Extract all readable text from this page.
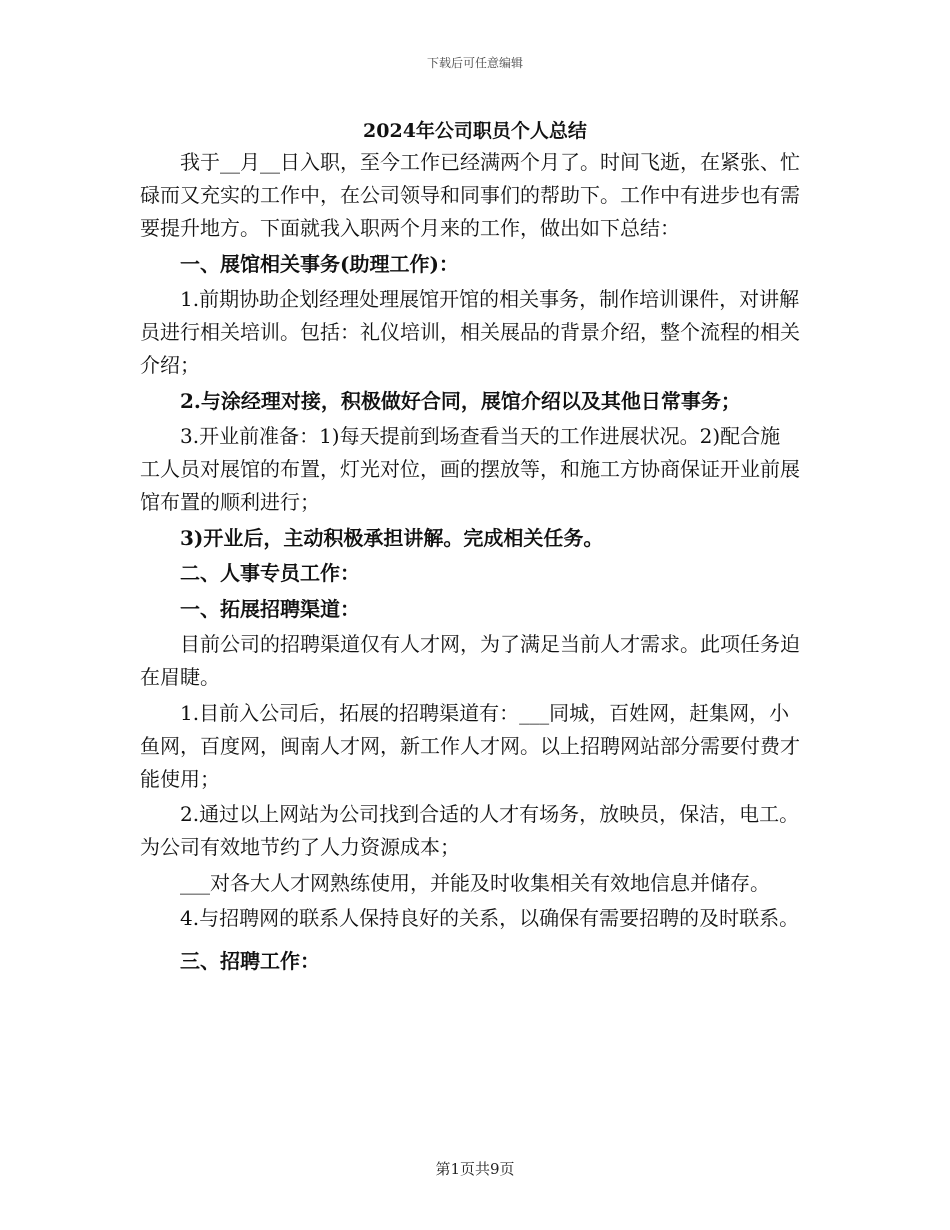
下载后可任意编辑
2024年公司职员个人总结

我于__月__日入职，至今工作已经满两个月了。时间飞逝，在紧张、忙碌而又充实的工作中，在公司领导和同事们的帮助下。工作中有进步也有需要提升地方。下面就我入职两个月来的工作，做出如下总结：

一、展馆相关事务(助理工作)：

1.前期协助企划经理处理展馆开馆的相关事务，制作培训课件，对讲解员进行相关培训。包括：礼仪培训，相关展品的背景介绍，整个流程的相关介绍；

2.与涂经理对接，积极做好合同，展馆介绍以及其他日常事务；

3.开业前准备：1)每天提前到场查看当天的工作进展状况。2)配合施工人员对展馆的布置，灯光对位，画的摆放等，和施工方协商保证开业前展馆布置的顺利进行；

3)开业后，主动积极承担讲解。完成相关任务。

二、人事专员工作：

一、拓展招聘渠道：

目前公司的招聘渠道仅有人才网，为了满足当前人才需求。此项任务迫在眉睫。

1.目前入公司后，拓展的招聘渠道有：___同城，百姓网，赶集网，小鱼网，百度网，闽南人才网，新工作人才网。以上招聘网站部分需要付费才能使用；

2.通过以上网站为公司找到合适的人才有场务，放映员，保洁，电工。为公司有效地节约了人力资源成本；

___对各大人才网熟练使用，并能及时收集相关有效地信息并储存。

4.与招聘网的联系人保持良好的关系，以确保有需要招聘的及时联系。

三、招聘工作：

第1页共9页
